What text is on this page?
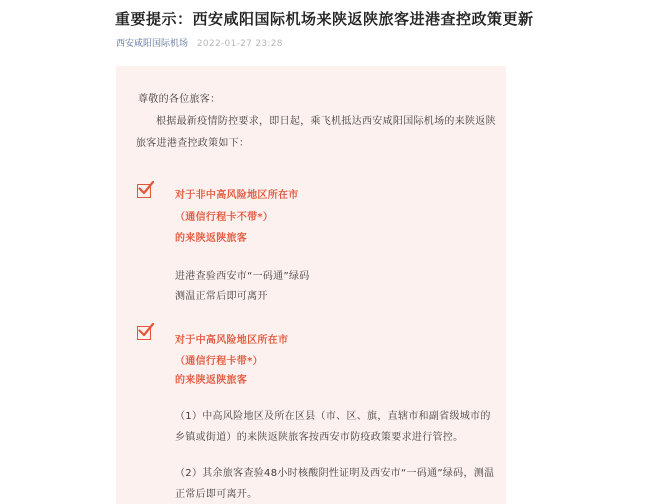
重要提示：西安咸阳国际机场来陕返陕旅客进港查控政策更新
西安咸阳国际机场 2022-01-27 23:28
尊敬的各位旅客：
根据最新疫情防控要求，即日起，乘飞机抵达西安咸阳国际机场的来陕返陕
旅客进港查控政策如下：
对于非中高风险地区所在市
（通信行程卡不带*）
的来陕返陕旅客
进港查验西安市“一码通”绿码
测温正常后即可离开
对于中高风险地区所在市
（通信行程卡带*）
的来陕返陕旅客
（1）中高风险地区及所在区县（市、区、旗，直辖市和副省级城市的
乡镇或街道）的来陕返陕旅客按西安市防疫政策要求进行管控。
（2）其余旅客查验48小时核酸阴性证明及西安市“一码通”绿码，测温
正常后即可离开。
